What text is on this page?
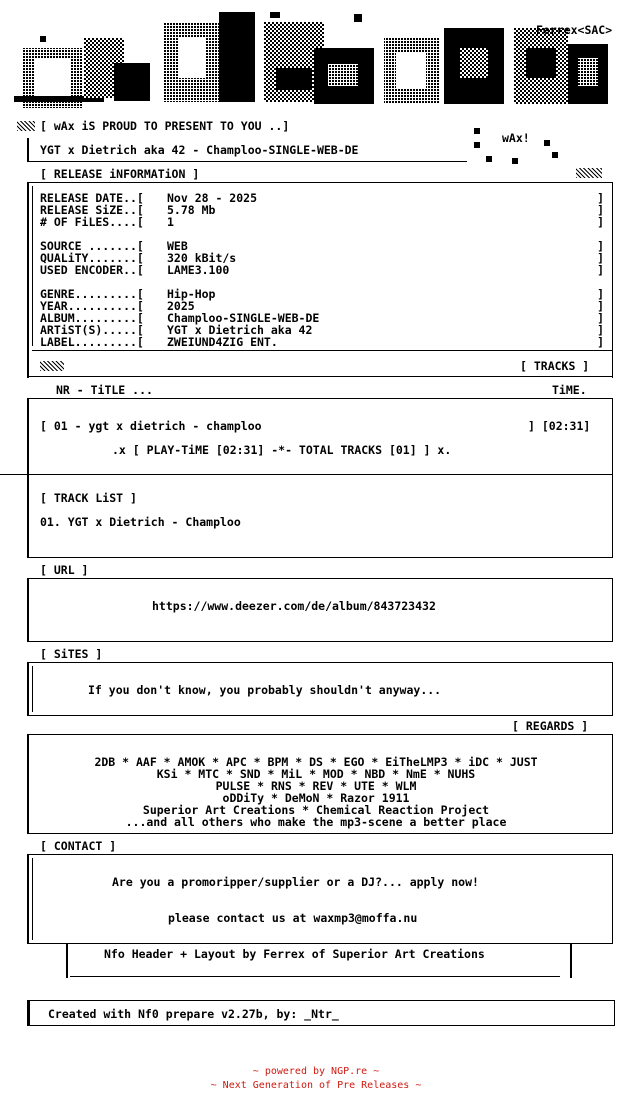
Ferrex<SAC>
[ wAx iS PROUD TO PRESENT TO YOU ..]
wAx!
YGT x Dietrich aka 42 - Champloo-SINGLE-WEB-DE
[ RELEASE iNFORMATiON ]
RELEASE DATE..[ Nov 28 - 2025	]
RELEASE SiZE..[ 5.78 Mb	]
# OF FiLES....[ 1	]
SOURCE .......[ WEB	]
QUALiTY.......[ 320 kBit/s	]
USED ENCODER..[ LAME3.100	]
GENRE.........[ Hip-Hop	]
YEAR..........[ 2025	]
ALBUM.........[ Champloo-SINGLE-WEB-DE	]
ARTiST(S).....[ YGT x Dietrich aka 42	]
LABEL.........[ ZWEIUND4ZIG ENT.	]
[ TRACKS ]
NR - TiTLE ...	TiME.
[ 01 - ygt x dietrich - champloo	] [02:31]
.x [ PLAY-TiME [02:31] -*- TOTAL TRACKS [01] ] x.
[ TRACK LiST ]
01. YGT x Dietrich - Champloo
[ URL ]
https://www.deezer.com/de/album/843723432
[ SiTES ]
If you don't know, you probably shouldn't anyway...
[ REGARDS ]
2DB * AAF * AMOK * APC * BPM * DS * EGO * EiTheLMP3 * iDC * JUST
KSi * MTC * SND * MiL * MOD * NBD * NmE * NUHS
PULSE * RNS * REV * UTE * WLM
oDDiTy * DeMoN * Razor 1911
Superior Art Creations * Chemical Reaction Project
...and all others who make the mp3-scene a better place
[ CONTACT ]
Are you a promoripper/supplier or a DJ?... apply now!
please contact us at waxmp3@moffa.nu
Nfo Header + Layout by Ferrex of Superior Art Creations
Created with Nf0 prepare v2.27b, by: _Ntr_
~ powered by NGP.re ~
~ Next Generation of Pre Releases ~
